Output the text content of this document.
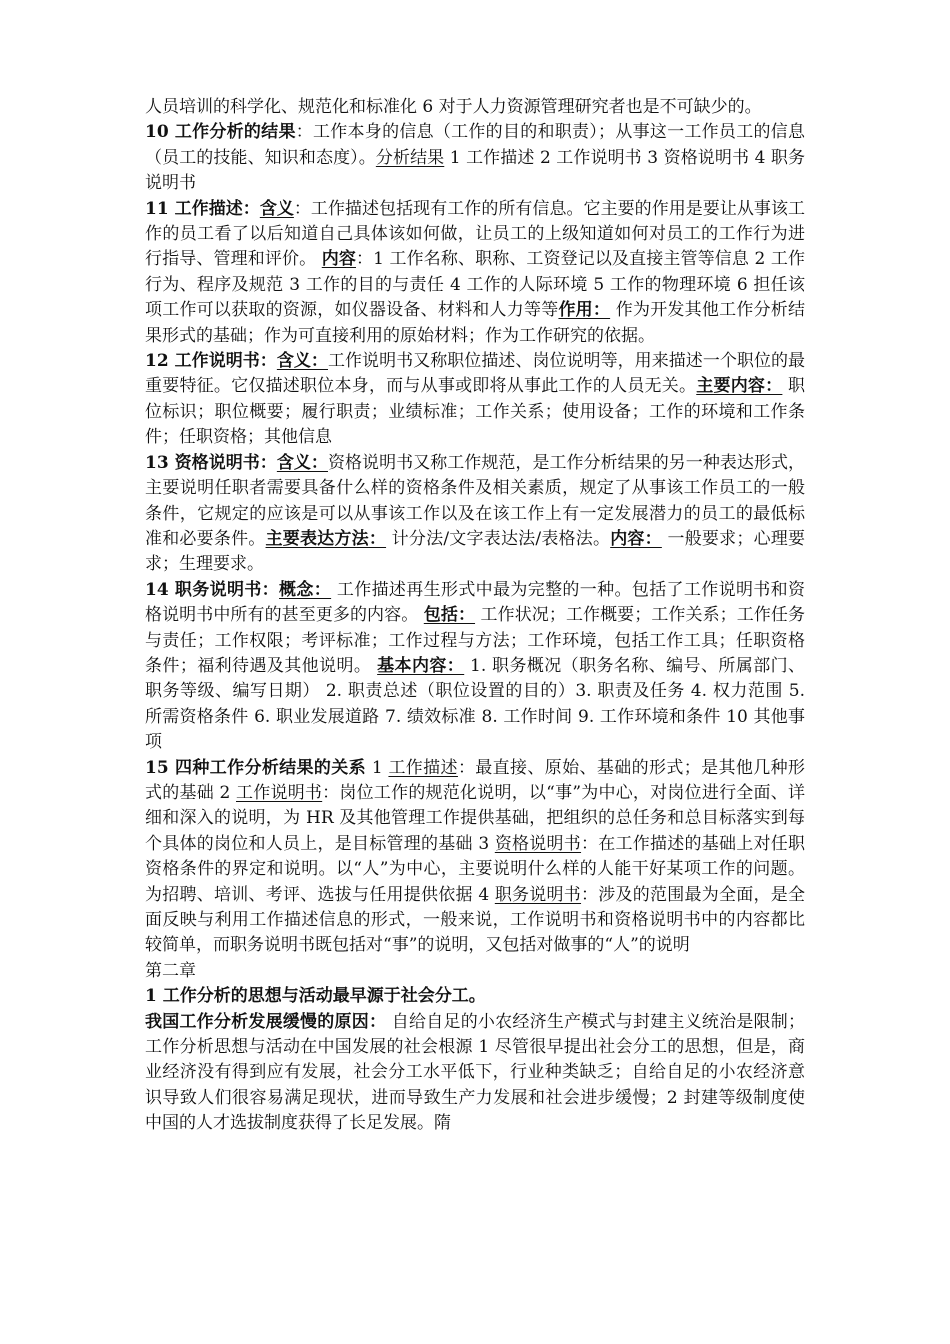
人员培训的科学化、规范化和标准化 6 对于人力资源管理研究者也是不可缺少的。

10 工作分析的结果：工作本身的信息（工作的目的和职责）；从事这一工作员工的信息（员工的技能、知识和态度）。分析结果 1 工作描述 2 工作说明书 3 资格说明书 4 职务说明书

11 工作描述：含义：工作描述包括现有工作的所有信息。它主要的作用是要让从事该工作的员工看了以后知道自己具体该如何做，让员工的上级知道如何对员工的工作行为进行指导、管理和评价。 内容：1 工作名称、职称、工资登记以及直接主管等信息 2 工作行为、程序及规范 3 工作的目的与责任 4 工作的人际环境 5 工作的物理环境 6 担任该项工作可以获取的资源，如仪器设备、材料和人力等等作用： 作为开发其他工作分析结果形式的基础；作为可直接利用的原始材料；作为工作研究的依据。

12 工作说明书：含义：工作说明书又称职位描述、岗位说明等，用来描述一个职位的最重要特征。它仅描述职位本身，而与从事或即将从事此工作的人员无关。主要内容： 职位标识；职位概要；履行职责；业绩标准；工作关系；使用设备；工作的环境和工作条件；任职资格；其他信息

13 资格说明书：含义：资格说明书又称工作规范，是工作分析结果的另一种表达形式，主要说明任职者需要具备什么样的资格条件及相关素质，规定了从事该工作员工的一般条件，它规定的应该是可以从事该工作以及在该工作上有一定发展潜力的员工的最低标准和必要条件。主要表达方法： 计分法/文字表达法/表格法。内容： 一般要求；心理要求；生理要求。

14 职务说明书：概念： 工作描述再生形式中最为完整的一种。包括了工作说明书和资格说明书中所有的甚至更多的内容。 包括： 工作状况；工作概要；工作关系；工作任务与责任；工作权限；考评标准；工作过程与方法；工作环境，包括工作工具；任职资格条件；福利待遇及其他说明。 基本内容： 1. 职务概况（职务名称、编号、所属部门、职务等级、编写日期） 2. 职责总述（职位设置的目的）3. 职责及任务 4. 权力范围 5. 所需资格条件 6. 职业发展道路 7. 绩效标准 8. 工作时间 9. 工作环境和条件 10 其他事项

15 四种工作分析结果的关系 1 工作描述：最直接、原始、基础的形式；是其他几种形式的基础 2 工作说明书：岗位工作的规范化说明，以“事”为中心，对岗位进行全面、详细和深入的说明，为 HR 及其他管理工作提供基础，把组织的总任务和总目标落实到每个具体的岗位和人员上，是目标管理的基础 3 资格说明书：在工作描述的基础上对任职资格条件的界定和说明。以“人”为中心，主要说明什么样的人能干好某项工作的问题。为招聘、培训、考评、选拔与任用提供依据 4 职务说明书：涉及的范围最为全面，是全面反映与利用工作描述信息的形式，一般来说，工作说明书和资格说明书中的内容都比较简单，而职务说明书既包括对“事”的说明，又包括对做事的“人”的说明

第二章

1 工作分析的思想与活动最早源于社会分工。

我国工作分析发展缓慢的原因： 自给自足的小农经济生产模式与封建主义统治是限制；工作分析思想与活动在中国发展的社会根源 1 尽管很早提出社会分工的思想，但是，商业经济没有得到应有发展，社会分工水平低下，行业种类缺乏；自给自足的小农经济意识导致人们很容易满足现状，进而导致生产力发展和社会进步缓慢；2 封建等级制度使中国的人才选拔制度获得了长足发展。隋
